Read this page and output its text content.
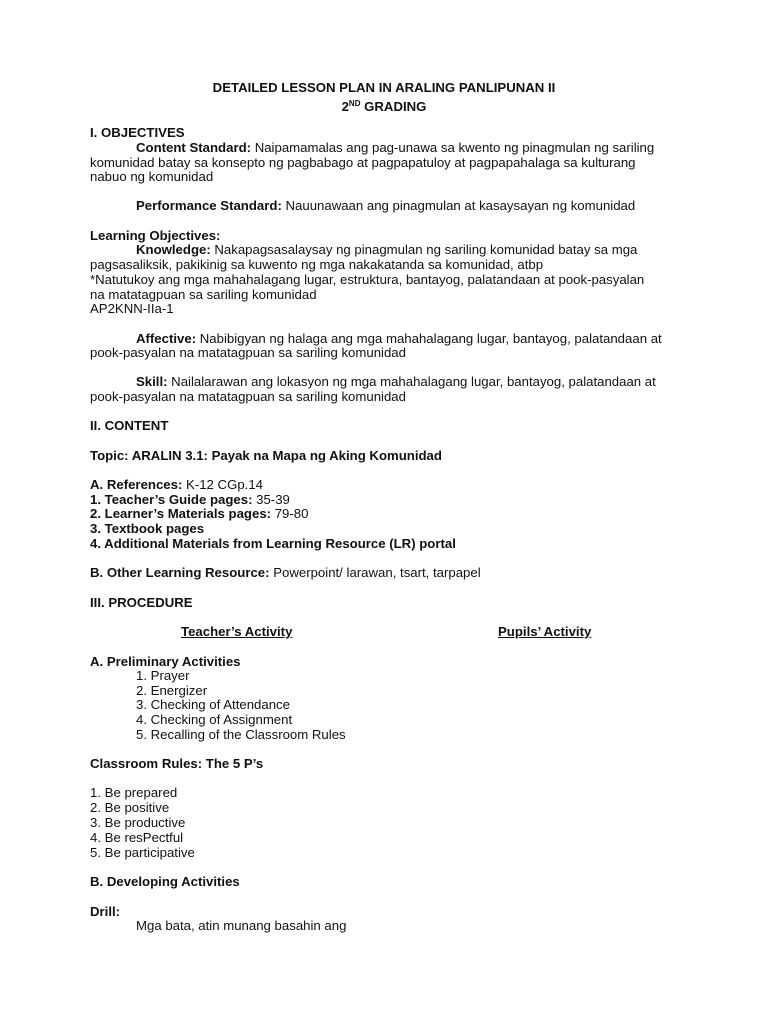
DETAILED LESSON PLAN IN ARALING PANLIPUNAN II
2ND GRADING
I. OBJECTIVES
Content Standard: Naipamamalas ang pag-unawa sa kwento ng pinagmulan ng sariling
komunidad batay sa konsepto ng pagbabago at pagpapatuloy at pagpapahalaga sa kulturang
nabuo ng komunidad
Performance Standard: Nauunawaan ang pinagmulan at kasaysayan ng komunidad
Learning Objectives:
Knowledge: Nakapagsasalaysay ng pinagmulan ng sariling komunidad batay sa mga
pagsasaliksik, pakikinig sa kuwento ng mga nakakatanda sa komunidad, atbp
*Natutukoy ang mga mahahalagang lugar, estruktura, bantayog, palatandaan at pook-pasyalan
na matatagpuan sa sariling komunidad
AP2KNN-IIa-1
Affective: Nabibigyan ng halaga ang mga mahahalagang lugar, bantayog, palatandaan at
pook-pasyalan na matatagpuan sa sariling komunidad
Skill: Nailalarawan ang lokasyon ng mga mahahalagang lugar, bantayog, palatandaan at
pook-pasyalan na matatagpuan sa sariling komunidad
II. CONTENT
Topic: ARALIN 3.1: Payak na Mapa ng Aking Komunidad
A. References: K-12 CGp.14
1. Teacher’s Guide pages: 35-39
2. Learner’s Materials pages: 79-80
3. Textbook pages
4. Additional Materials from Learning Resource (LR) portal
B. Other Learning Resource: Powerpoint/ larawan, tsart, tarpapel
III. PROCEDURE
Teacher’s Activity	Pupils’ Activity
A. Preliminary Activities
1. Prayer
2. Energizer
3. Checking of Attendance
4. Checking of Assignment
5. Recalling of the Classroom Rules
Classroom Rules: The 5 P’s
1. Be prepared
2. Be positive
3. Be productive
4. Be resPectful
5. Be participative
B. Developing Activities
Drill:
Mga bata, atin munang basahin ang
